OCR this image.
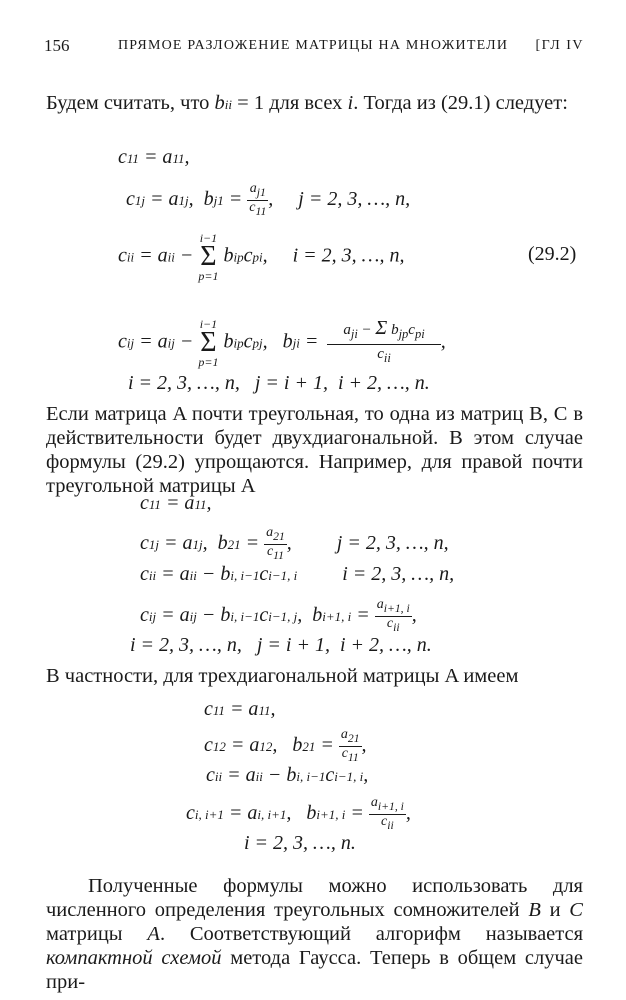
156	ПРЯМОЕ РАЗЛОЖЕНИЕ МАТРИЦЫ НА МНОЖИТЕЛИ [ГЛ IV
Будем считать, что bii = 1 для всех i. Тогда из (29.1) следует:
c11 = a11,
c1j = a1j,  $bj1 = \frac{a_{j1}}{c_{11}}$ ,     j = 2, 3, …, n,
cii = aii −
i−1
Σ
p=1
bipcpi,     i = 2, 3, …, n,	(29.2)
cij = aij −
i−1
Σ
p=1
bipcpj,   bji = $\frac{a_{ji} - \Sigma b_{jp}c_{pi}}{c_{ii}}$ ,
i = 2, 3, …, n,   j = i + 1,  i + 2, …, n.
Если матрица A почти треугольная, то одна из матриц B, C в действительности будет двухдиагональной. В этом случае формулы (29.2) упрощаются. Например, для правой почти треугольной матрицы A
c11 = a11,
c1j = a1j,  $b21 = \frac{a_{21}}{c_{11}}$ ,         j = 2, 3, …, n,
cii = aii − bi, i−1ci−1, i         i = 2, 3, …, n,
cij = aij − bi, i−1ci−1, j,  bi+1, $i = \frac{a_{i+1, i}}{c_{ii}}$ ,
i = 2, 3, …, n,   j = i + 1,  i + 2, …, n.
В частности, для трехдиагональной матрицы A имеем
c11 = a11,
c12 = a12,   $b21 = \frac{a_{21}}{c_{11}}$ ,
cii = aii − bi, i−1ci−1, i,
ci, i+1 = ai, i+1,   bi+1, $i = \frac{a_{i+1, i}}{c_{ii}}$ ,
i = 2, 3, …, n.
Полученные формулы можно использовать для численного определения треугольных сомножителей B и C матрицы A. Соответствующий алгорифм называется компактной схемой метода Гаусса. Теперь в общем случае при-
